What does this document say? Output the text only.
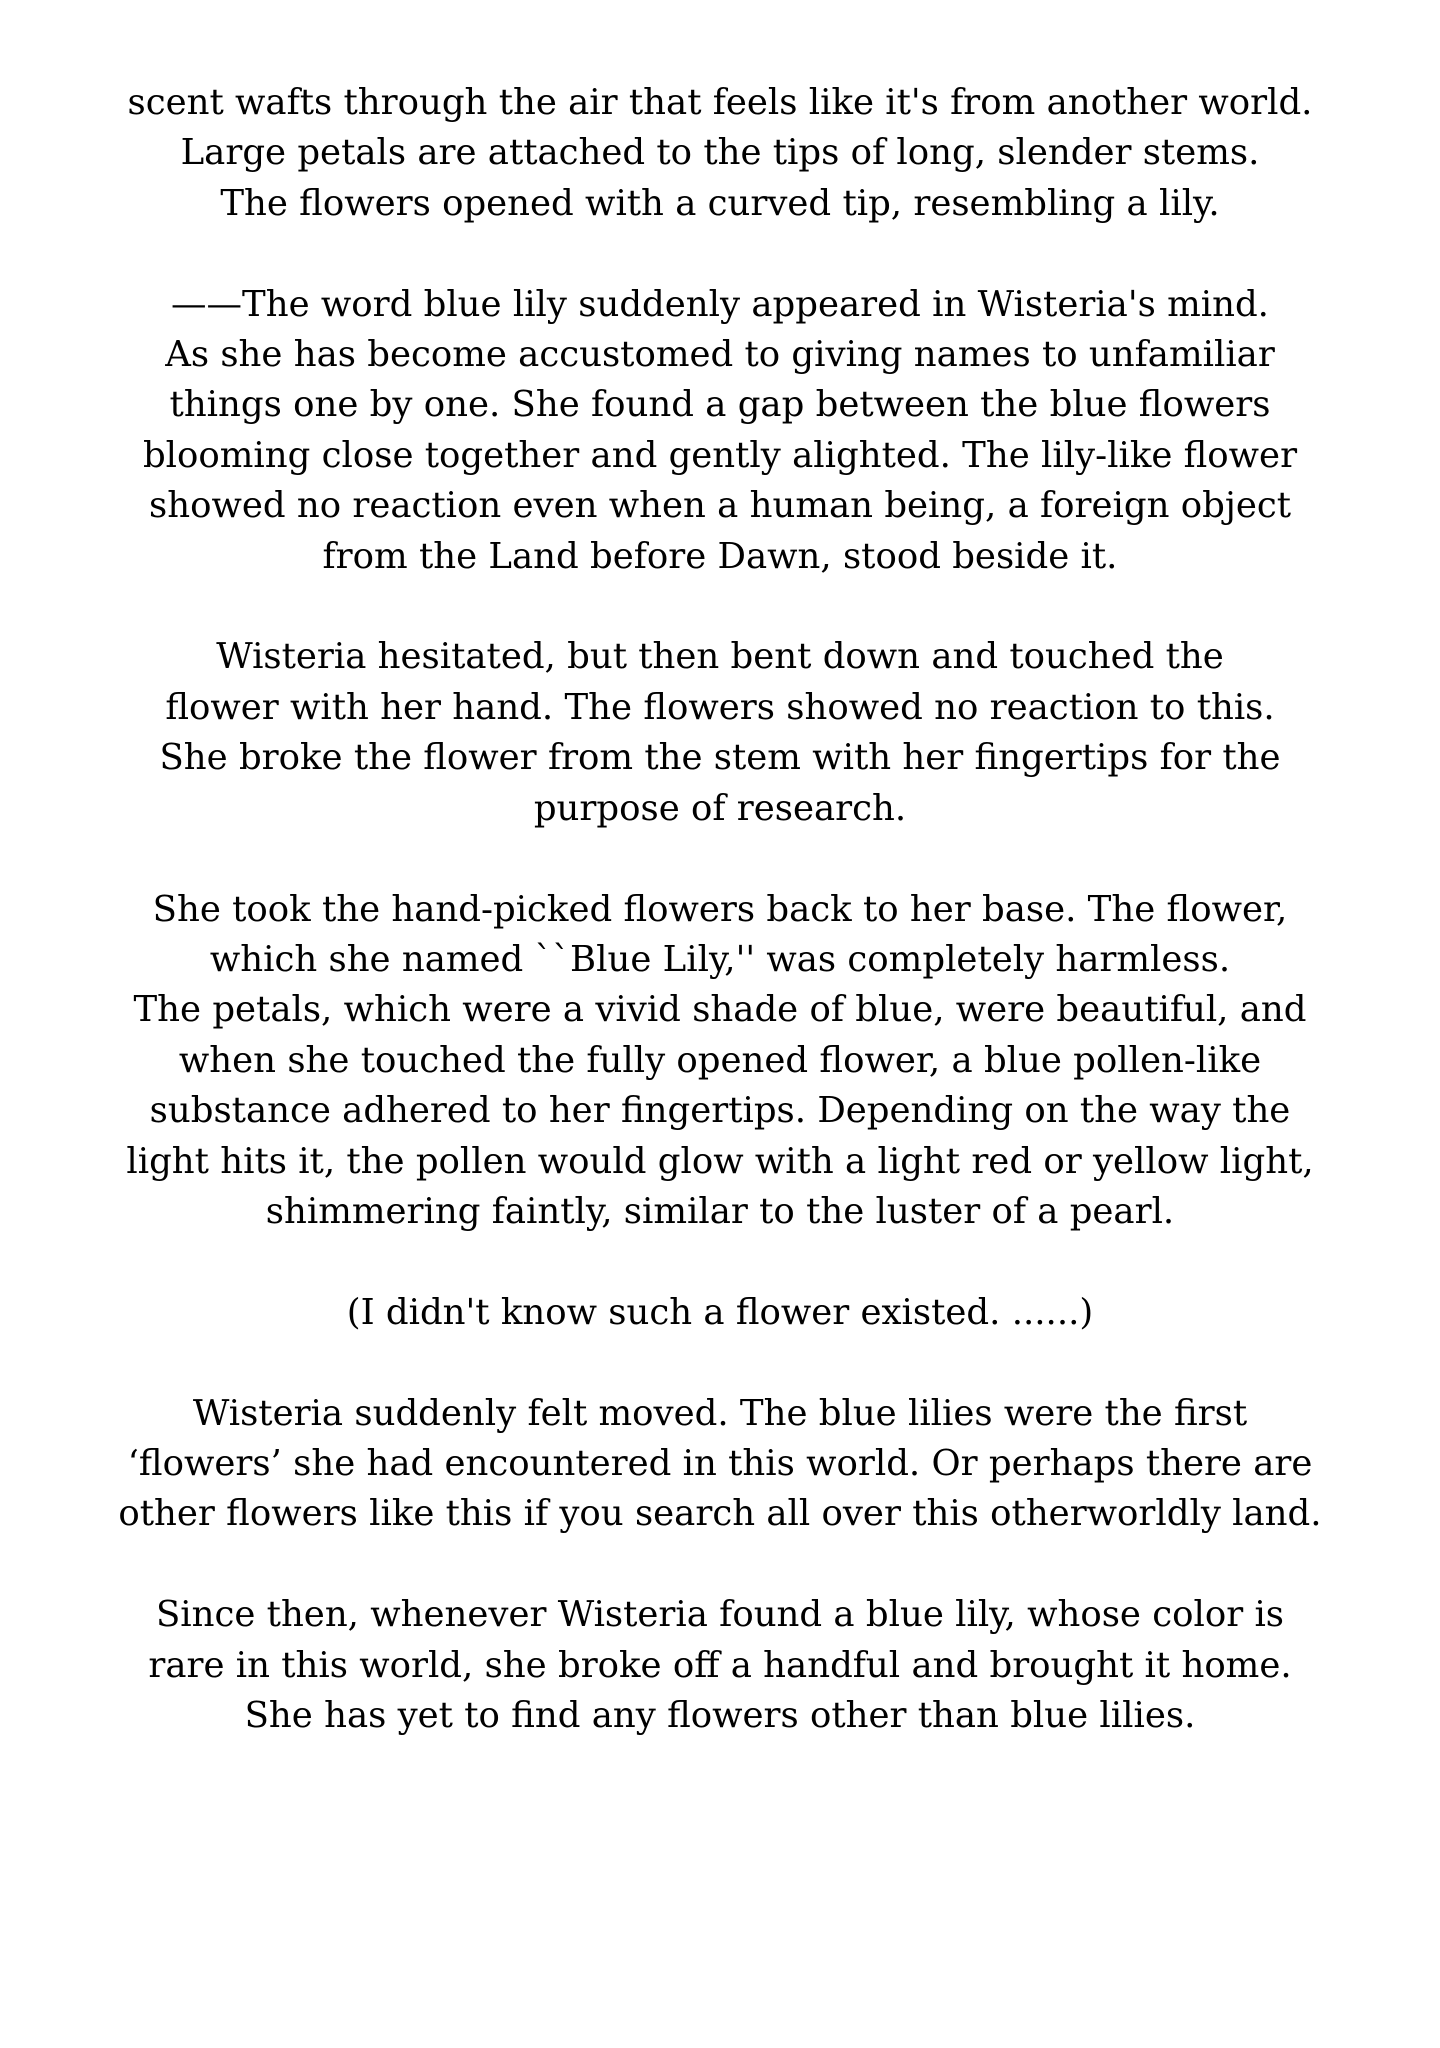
scent wafts through the air that feels like it's from another world.
Large petals are attached to the tips of long, slender stems.
The flowers opened with a curved tip, resembling a lily.

——The word blue lily suddenly appeared in Wisteria's mind.
As she has become accustomed to giving names to unfamiliar
things one by one. She found a gap between the blue flowers
blooming close together and gently alighted. The lily-like flower
showed no reaction even when a human being, a foreign object
from the Land before Dawn, stood beside it.

Wisteria hesitated, but then bent down and touched the
flower with her hand. The flowers showed no reaction to this.
She broke the flower from the stem with her fingertips for the
purpose of research.

She took the hand-picked flowers back to her base. The flower,
which she named ``Blue Lily,'' was completely harmless.
The petals, which were a vivid shade of blue, were beautiful, and
when she touched the fully opened flower, a blue pollen-like
substance adhered to her fingertips. Depending on the way the
light hits it, the pollen would glow with a light red or yellow light,
shimmering faintly, similar to the luster of a pearl.

(I didn't know such a flower existed. ......)

Wisteria suddenly felt moved. The blue lilies were the first
‘flowers’ she had encountered in this world. Or perhaps there are
other flowers like this if you search all over this otherworldly land.

Since then, whenever Wisteria found a blue lily, whose color is
rare in this world, she broke off a handful and brought it home.
She has yet to find any flowers other than blue lilies.
